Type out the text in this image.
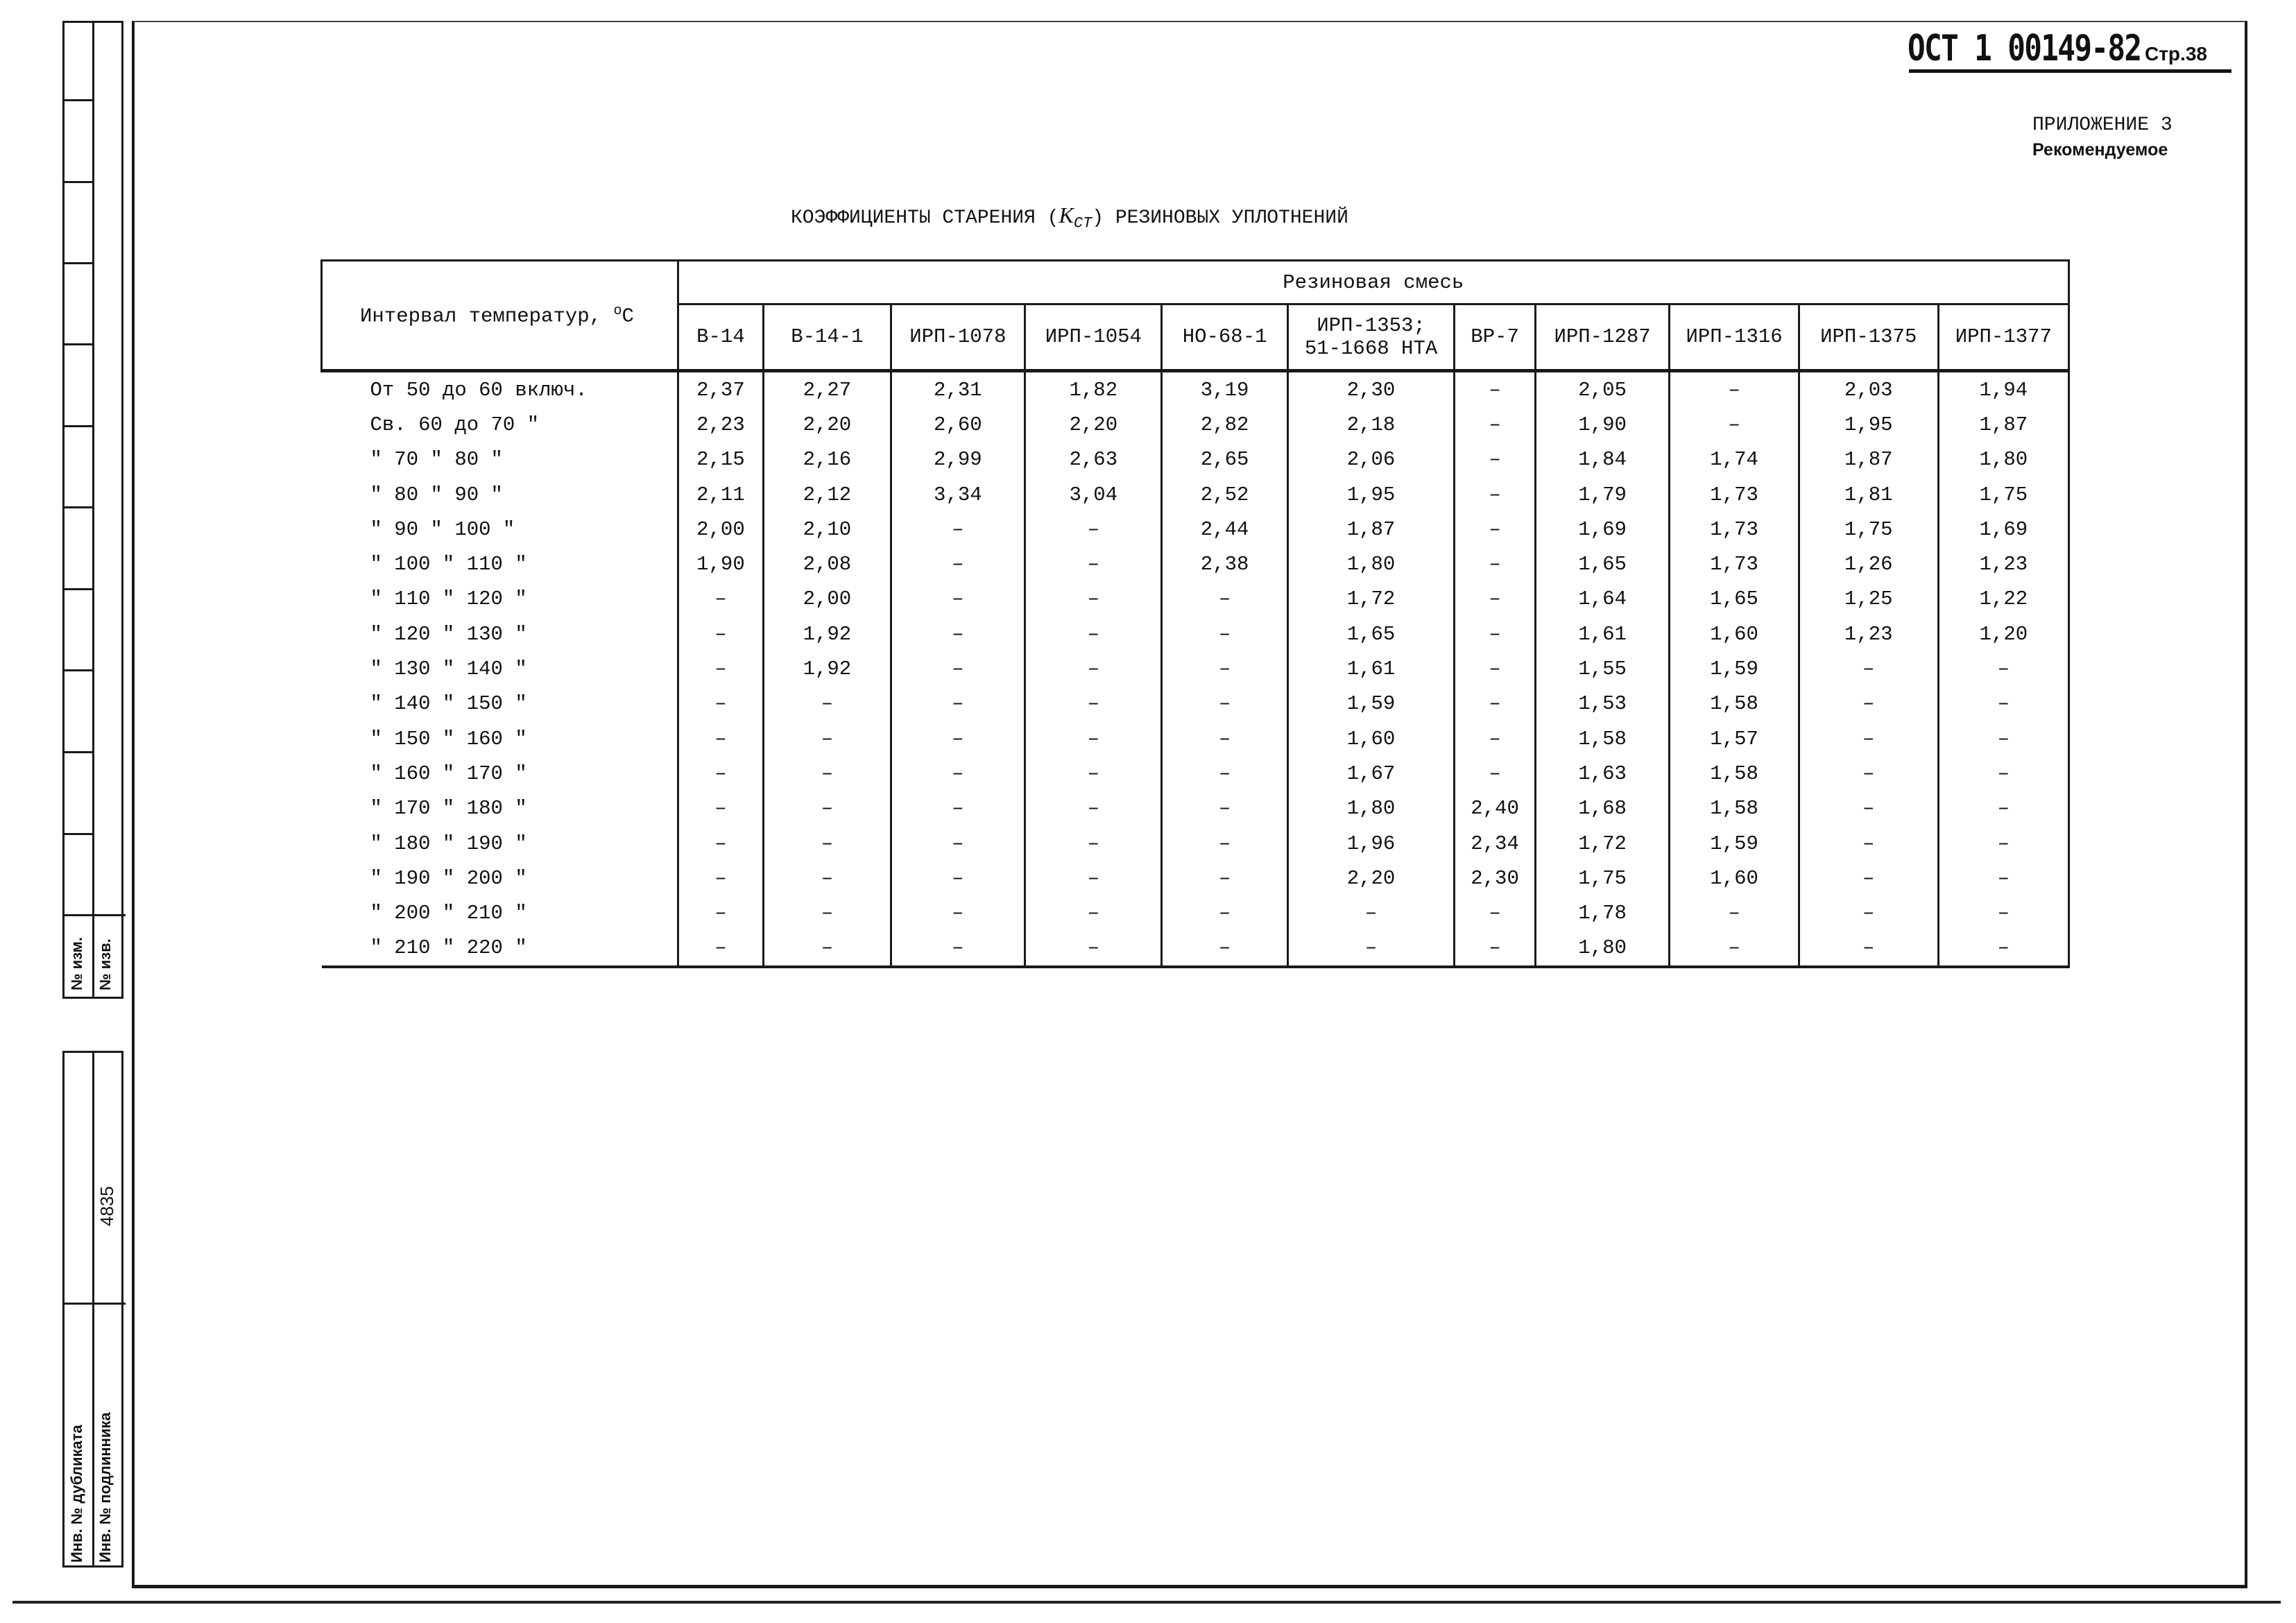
№ изм. № изв.
4835
Инв. № дубликата Инв. № подлинника
ОСТ 1 00149-82 Стр.38
ПРИЛОЖЕНИЕ 3
Рекомендуемое
КОЭФФИЦИЕНТЫ СТАРЕНИЯ $(K_{СТ})$ РЕЗИНОВЫХ УПЛОТНЕНИЙ
Интервал температур, $^o$C	Резиновая смесь										
	В-14	В-14-1	ИРП-1078	ИРП-1054	НО-68-1	ИРП-1353;
51-1668 НТА	ВР-7	ИРП-1287	ИРП-1316	ИРП-1375	ИРП-1377
От 50 до 60 включ.	2,37	2,27	2,31	1,82	3,19	2,30	–	2,05	–	2,03	1,94
Св. 60 до 70 ″	2,23	2,20	2,60	2,20	2,82	2,18	–	1,90	–	1,95	1,87
″ 70 ″ 80 ″	2,15	2,16	2,99	2,63	2,65	2,06	–	1,84	1,74	1,87	1,80
″ 80 ″ 90 ″	2,11	2,12	3,34	3,04	2,52	1,95	–	1,79	1,73	1,81	1,75
″ 90 ″ 100 ″	2,00	2,10	–	–	2,44	1,87	–	1,69	1,73	1,75	1,69
″ 100 ″ 110 ″	1,90	2,08	–	–	2,38	1,80	–	1,65	1,73	1,26	1,23
″ 110 ″ 120 ″	–	2,00	–	–	–	1,72	–	1,64	1,65	1,25	1,22
″ 120 ″ 130 ″	–	1,92	–	–	–	1,65	–	1,61	1,60	1,23	1,20
″ 130 ″ 140 ″	–	1,92	–	–	–	1,61	–	1,55	1,59	–	–
″ 140 ″ 150 ″	–	–	–	–	–	1,59	–	1,53	1,58	–	–
″ 150 ″ 160 ″	–	–	–	–	–	1,60	–	1,58	1,57	–	–
″ 160 ″ 170 ″	–	–	–	–	–	1,67	–	1,63	1,58	–	–
″ 170 ″ 180 ″	–	–	–	–	–	1,80	2,40	1,68	1,58	–	–
″ 180 ″ 190 ″	–	–	–	–	–	1,96	2,34	1,72	1,59	–	–
″ 190 ″ 200 ″	–	–	–	–	–	2,20	2,30	1,75	1,60	–	–
″ 200 ″ 210 ″	–	–	–	–	–	–	–	1,78	–	–	–
″ 210 ″ 220 ″	–	–	–	–	–	–	–	1,80	–	–	–
